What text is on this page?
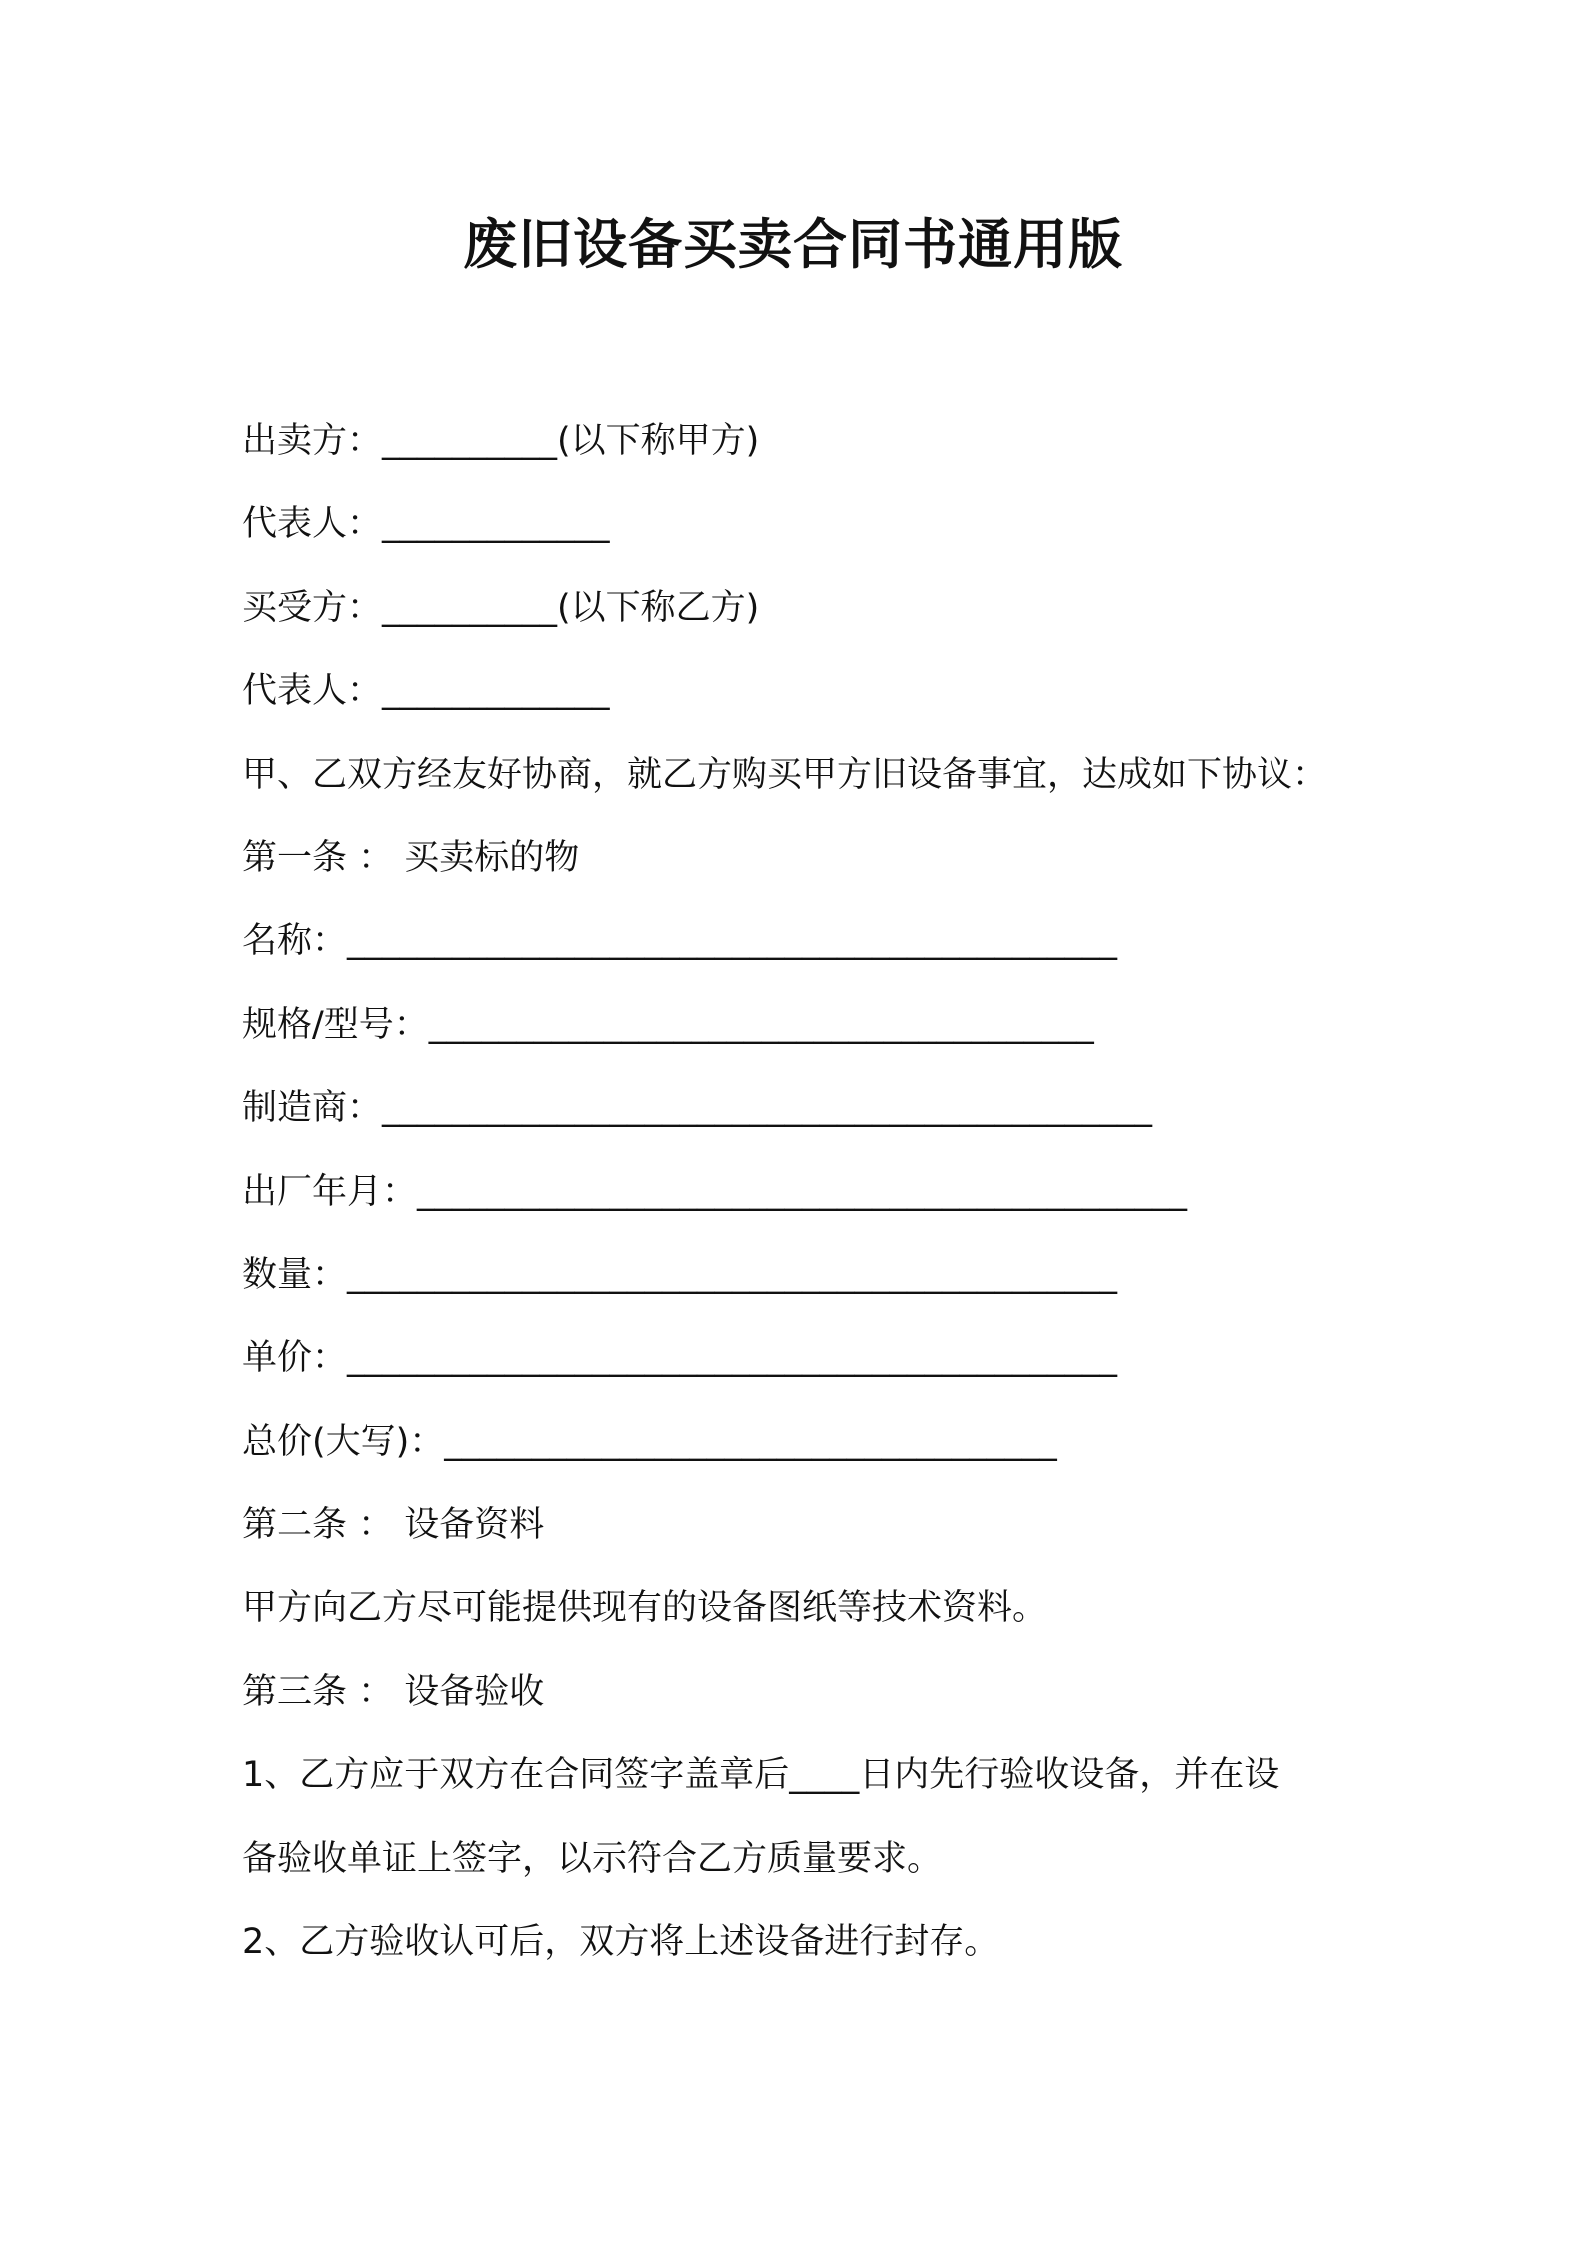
废旧设备买卖合同书通用版

出卖方：__________(以下称甲方)

代表人：_____________

买受方：__________(以下称乙方)

代表人：_____________

甲、乙双方经友好协商，就乙方购买甲方旧设备事宜，达成如下协议：

第一条 ： 买卖标的物

名称：____________________________________________

规格/型号：______________________________________

制造商：____________________________________________

出厂年月：____________________________________________

数量：____________________________________________

单价：____________________________________________

总价(大写)：___________________________________

第二条 ： 设备资料

甲方向乙方尽可能提供现有的设备图纸等技术资料。

第三条 ： 设备验收

1、乙方应于双方在合同签字盖章后____日内先行验收设备，并在设

备验收单证上签字，以示符合乙方质量要求。

2、乙方验收认可后，双方将上述设备进行封存。
